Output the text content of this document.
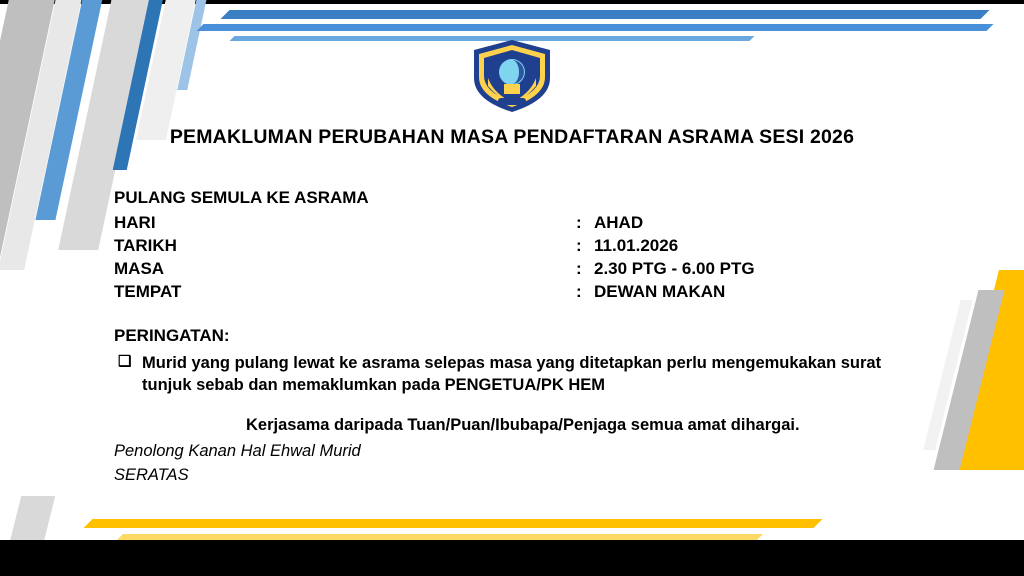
PEMAKLUMAN PERUBAHAN MASA PENDAFTARAN ASRAMA SESI 2026
PULANG SEMULA KE ASRAMA
HARI	: AHAD
TARIKH	: 11.01.2026
MASA	: 2.30 PTG - 6.00 PTG
TEMPAT	: DEWAN MAKAN
PERINGATAN:
❑ Murid yang pulang lewat ke asrama selepas masa yang ditetapkan perlu mengemukakan surat tunjuk sebab dan memaklumkan pada PENGETUA/PK HEM
Kerjasama daripada Tuan/Puan/Ibubapa/Penjaga semua amat dihargai.
Penolong Kanan Hal Ehwal Murid
SERATAS
